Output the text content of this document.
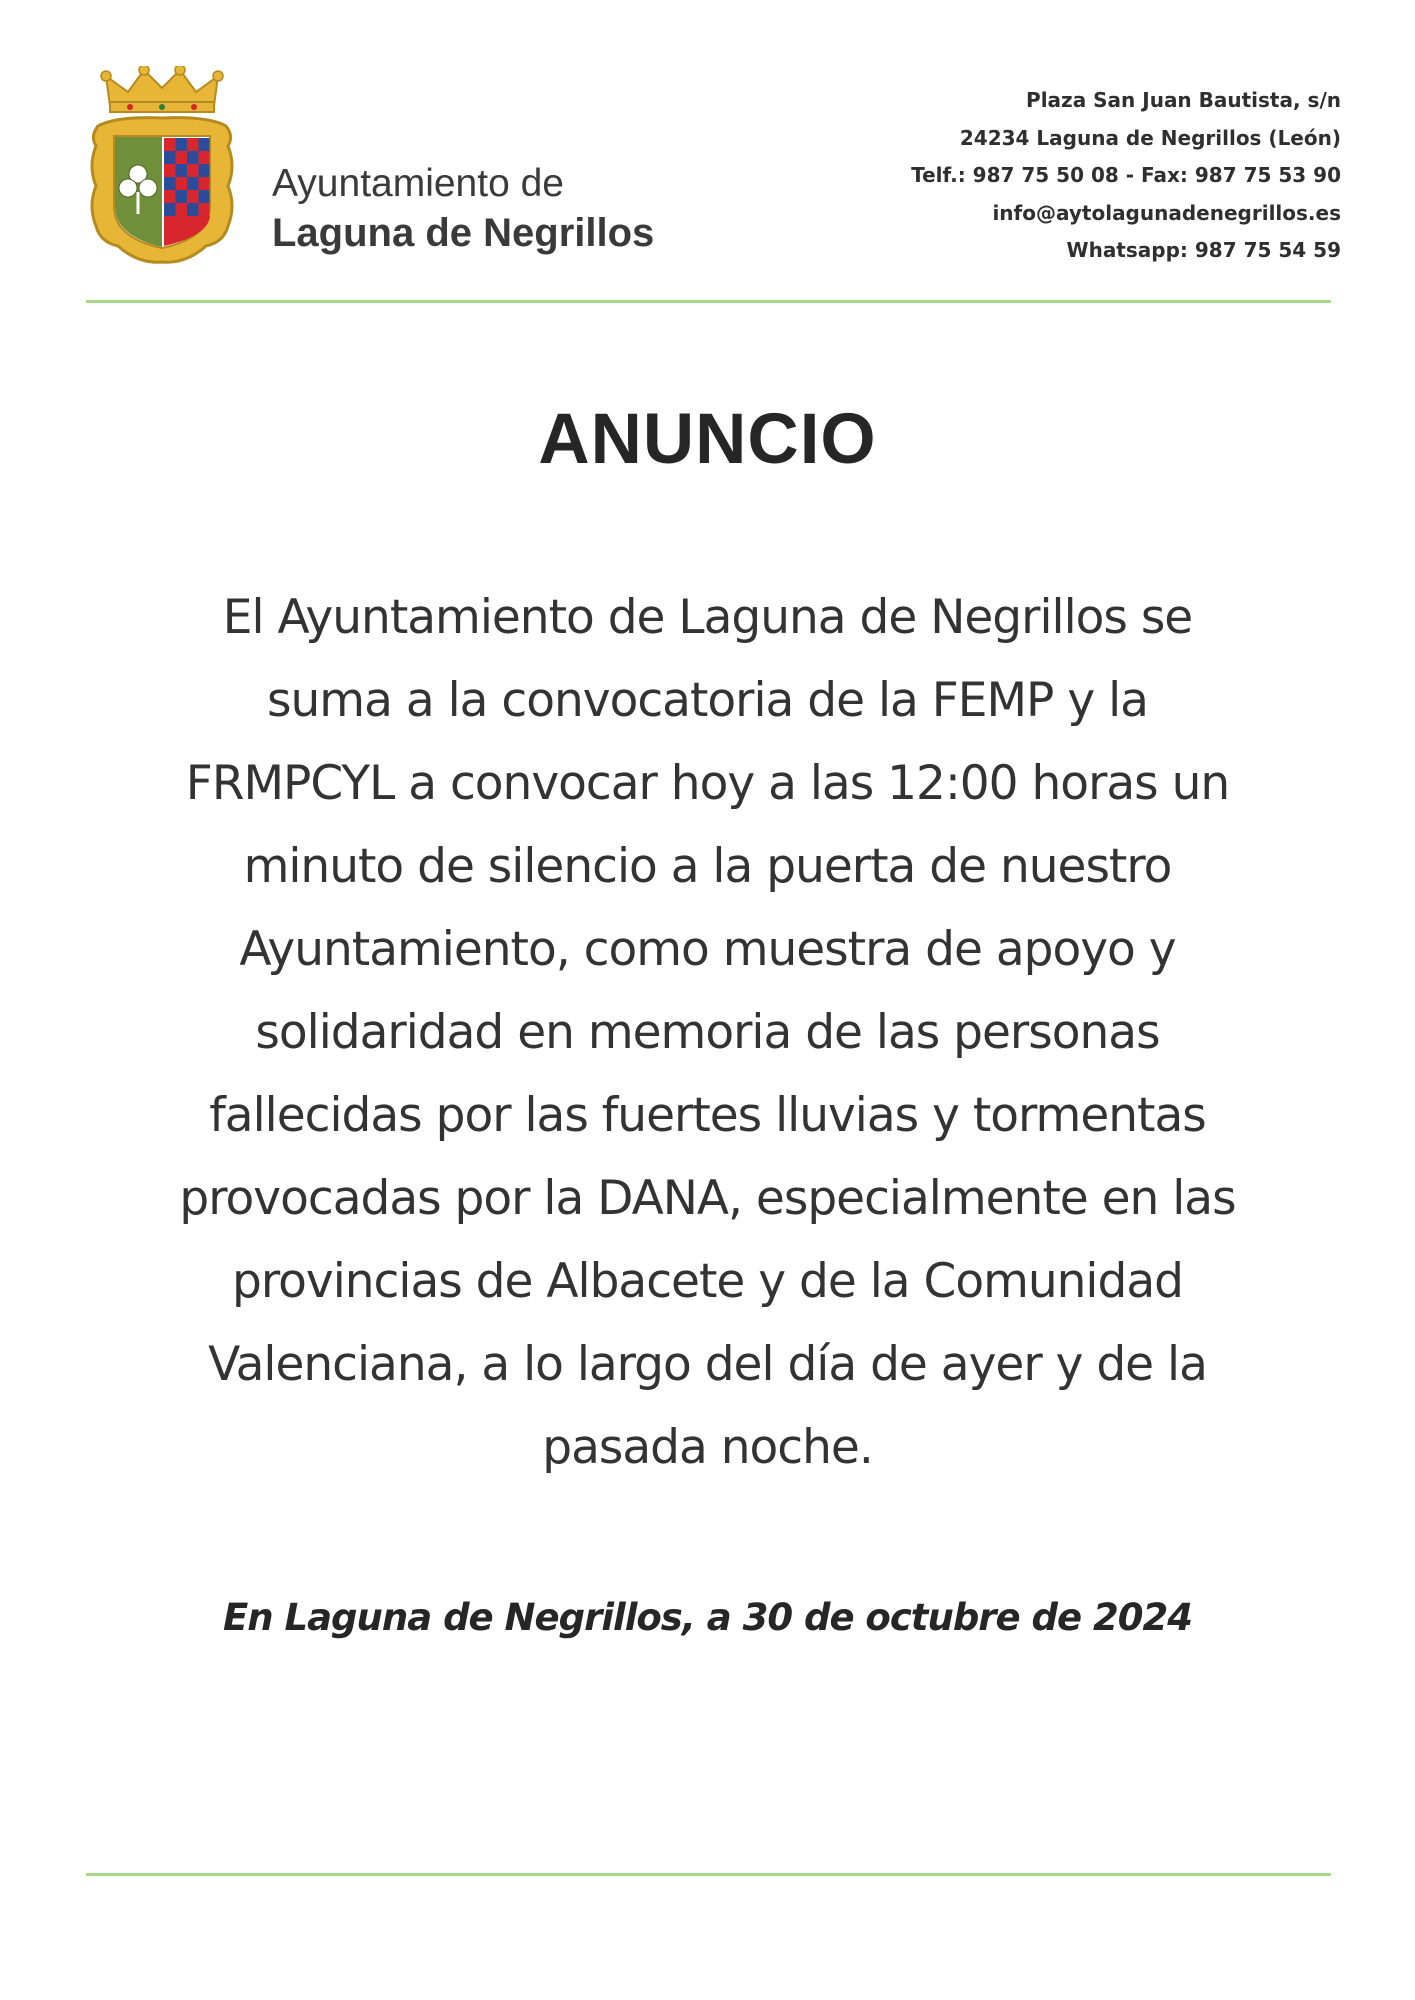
Ayuntamiento de
Laguna de Negrillos
Plaza San Juan Bautista, s/n
24234 Laguna de Negrillos (León)
Telf.: 987 75 50 08 - Fax: 987 75 53 90
info@aytolagunadenegrillos.es
Whatsapp: 987 75 54 59
ANUNCIO
El Ayuntamiento de Laguna de Negrillos se
suma a la convocatoria de la FEMP y la
FRMPCYL a convocar hoy a las 12:00 horas un
minuto de silencio a la puerta de nuestro
Ayuntamiento, como muestra de apoyo y
solidaridad en memoria de las personas
fallecidas por las fuertes lluvias y tormentas
provocadas por la DANA, especialmente en las
provincias de Albacete y de la Comunidad
Valenciana, a lo largo del día de ayer y de la
pasada noche.
En Laguna de Negrillos, a 30 de octubre de 2024
